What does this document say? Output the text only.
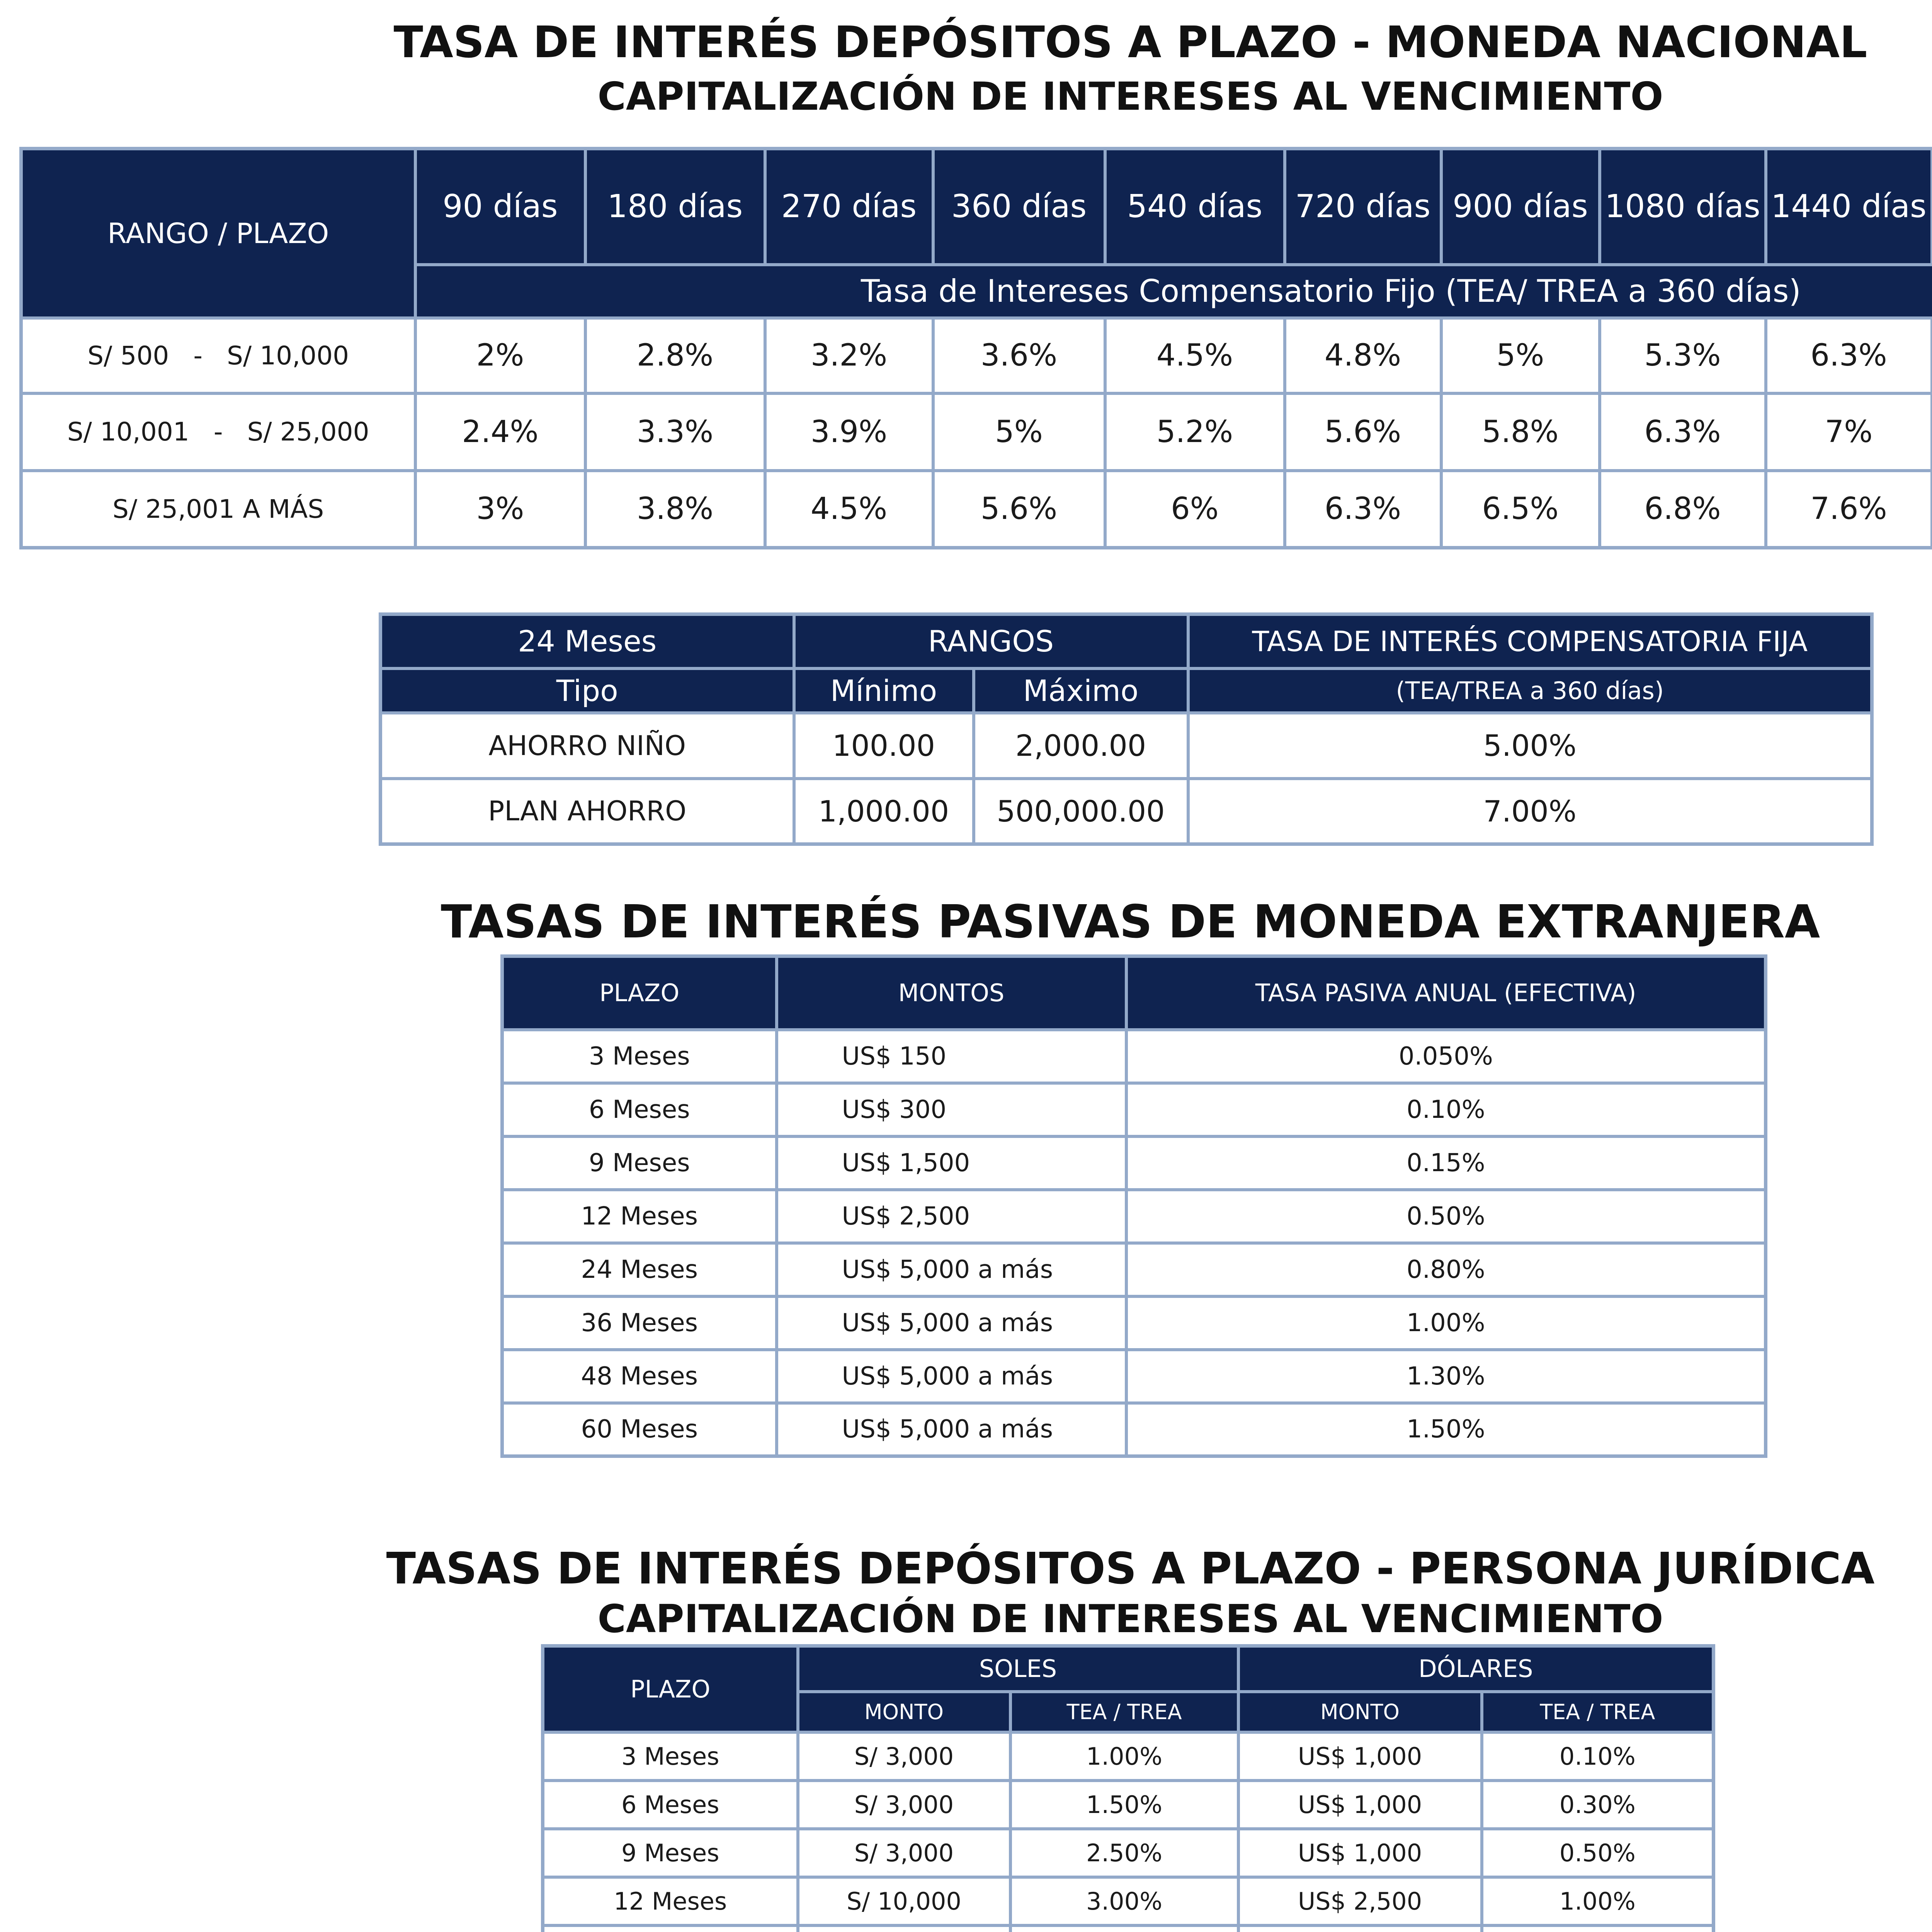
TASA DE INTERÉS DEPÓSITOS A PLAZO - MONEDA NACIONAL
CAPITALIZACIÓN DE INTERESES AL VENCIMIENTO
RANGO / PLAZO	90 días	180 días	270 días	360 días	540 días	720 días	900 días	1080 días	1440 días		
	Tasa de Intereses Compensatorio Fijo (TEA/ TREA a 360 días)										
S/ 500   -   S/ 10,000	2%	2.8%	3.2%	3.6%	4.5%	4.8%	5%	5.3%	6.3%		
S/ 10,001   -   S/ 25,000	2.4%	3.3%	3.9%	5%	5.2%	5.6%	5.8%	6.3%	7%		
S/ 25,001 A MÁS	3%	3.8%	4.5%	5.6%	6%	6.3%	6.5%	6.8%	7.6%		
24 Meses	RANGOS		TASA DE INTERÉS COMPENSATORIA FIJA
Tipo	Mínimo	Máximo	(TEA/TREA a 360 días)
AHORRO NIÑO	100.00	2,000.00	5.00%
PLAN AHORRO	1,000.00	500,000.00	7.00%
TASAS DE INTERÉS PASIVAS DE MONEDA EXTRANJERA
PLAZO	MONTOS	TASA PASIVA ANUAL (EFECTIVA)
3 Meses	US$ 150	0.050%
6 Meses	US$ 300	0.10%
9 Meses	US$ 1,500	0.15%
12 Meses	US$ 2,500	0.50%
24 Meses	US$ 5,000 a más	0.80%
36 Meses	US$ 5,000 a más	1.00%
48 Meses	US$ 5,000 a más	1.30%
60 Meses	US$ 5,000 a más	1.50%
TASAS DE INTERÉS DEPÓSITOS A PLAZO - PERSONA JURÍDICA
CAPITALIZACIÓN DE INTERESES AL VENCIMIENTO
PLAZO	SOLES		DÓLARES	
	MONTO	TEA / TREA	MONTO	TEA / TREA
3 Meses	S/ 3,000	1.00%	US$ 1,000	0.10%
6 Meses	S/ 3,000	1.50%	US$ 1,000	0.30%
9 Meses	S/ 3,000	2.50%	US$ 1,000	0.50%
12 Meses	S/ 10,000	3.00%	US$ 2,500	1.00%
